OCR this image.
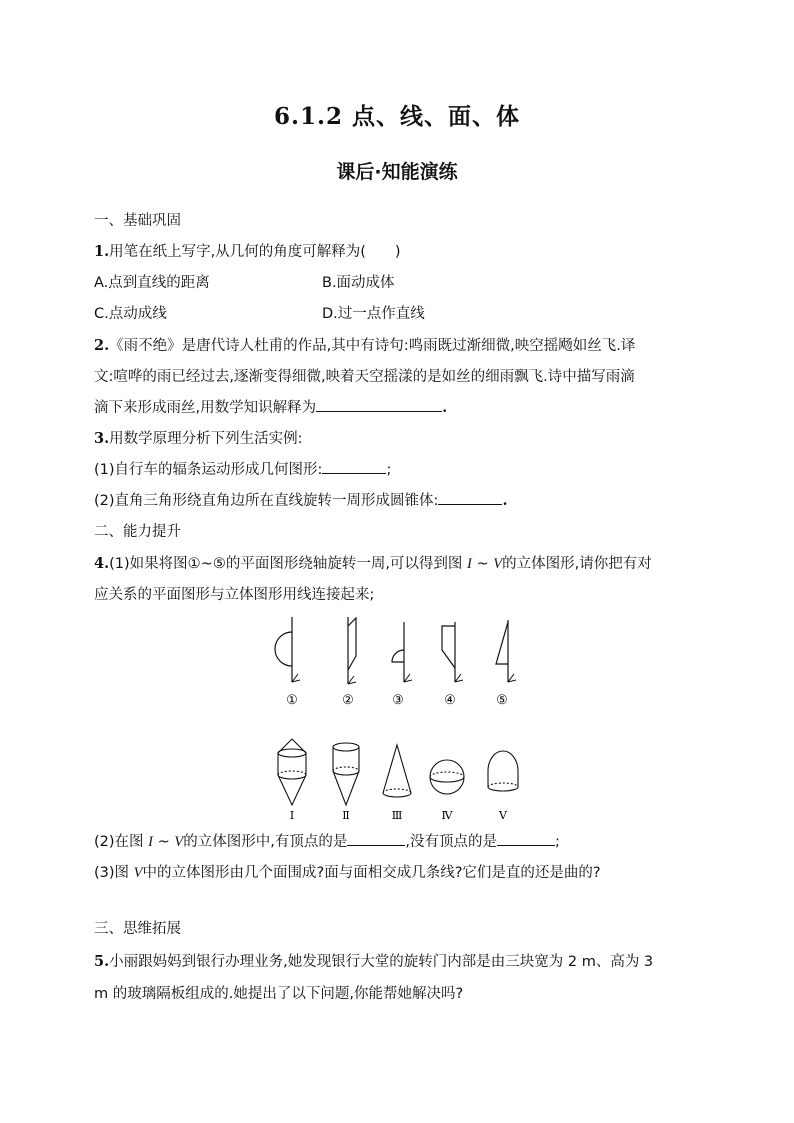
6.1.2 点、线、面、体
课后·知能演练
一、基础巩固
1.用笔在纸上写字,从几何的角度可解释为(　　)
A.点到直线的距离	B.面动成体
C.点动成线	D.过一点作直线
2.《雨不绝》是唐代诗人杜甫的作品,其中有诗句:鸣雨既过渐细微,映空摇飏如丝飞.译
文:喧哗的雨已经过去,逐渐变得细微,映着天空摇漾的是如丝的细雨飘飞.诗中描写雨滴
滴下来形成雨丝,用数学知识解释为	.
3.用数学原理分析下列生活实例:
(1)自行车的辐条运动形成几何图形:	;
(2)直角三角形绕直角边所在直线旋转一周形成圆锥体:	.
二、能力提升
4.(1)如果将图①~⑤的平面图形绕轴旋转一周,可以得到图 I ~ V的立体图形,请你把有对
应关系的平面图形与立体图形用线连接起来;
①	②	③	④	⑤
Ⅰ	Ⅱ	Ⅲ	Ⅳ	Ⅴ
(2)在图 I ~ V的立体图形中,有顶点的是	,没有顶点的是	;
(3)图 V中的立体图形由几个面围成?面与面相交成几条线?它们是直的还是曲的?
三、思维拓展
5.小丽跟妈妈到银行办理业务,她发现银行大堂的旋转门内部是由三块宽为 2 m、高为 3
m 的玻璃隔板组成的.她提出了以下问题,你能帮她解决吗?
